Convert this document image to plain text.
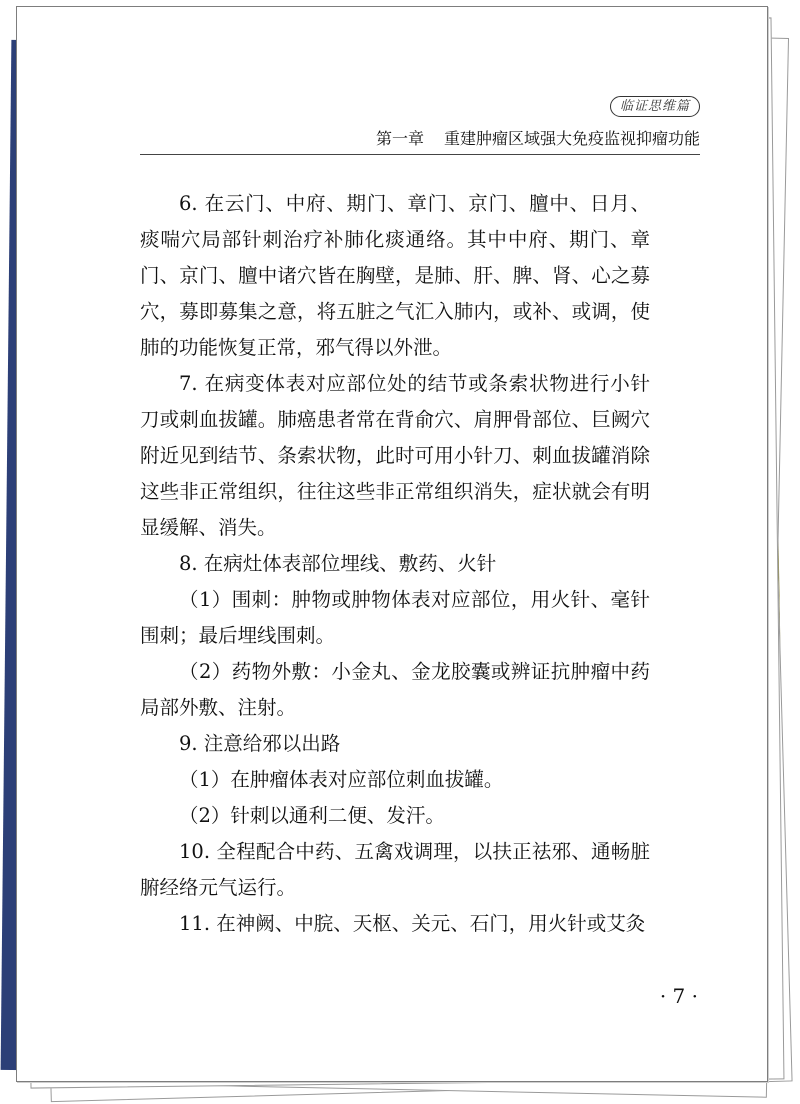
临证思维篇
第一章 重建肿瘤区域强大免疫监视抑瘤功能

6. 在云门、中府、期门、章门、京门、膻中、日月、痰喘穴局部针刺治疗补肺化痰通络。其中中府、期门、章门、京门、膻中诸穴皆在胸壁，是肺、肝、脾、肾、心之募穴，募即募集之意，将五脏之气汇入肺内，或补、或调，使肺的功能恢复正常，邪气得以外泄。

7. 在病变体表对应部位处的结节或条索状物进行小针刀或刺血拔罐。肺癌患者常在背俞穴、肩胛骨部位、巨阙穴附近见到结节、条索状物，此时可用小针刀、刺血拔罐消除这些非正常组织，往往这些非正常组织消失，症状就会有明显缓解、消失。

8. 在病灶体表部位埋线、敷药、火针

（1）围刺：肿物或肿物体表对应部位，用火针、毫针围刺；最后埋线围刺。

（2）药物外敷：小金丸、金龙胶囊或辨证抗肿瘤中药局部外敷、注射。

9. 注意给邪以出路

（1）在肿瘤体表对应部位刺血拔罐。

（2）针刺以通利二便、发汗。

10. 全程配合中药、五禽戏调理，以扶正祛邪、通畅脏腑经络元气运行。

11. 在神阙、中脘、天枢、关元、石门，用火针或艾灸

· 7 ·
